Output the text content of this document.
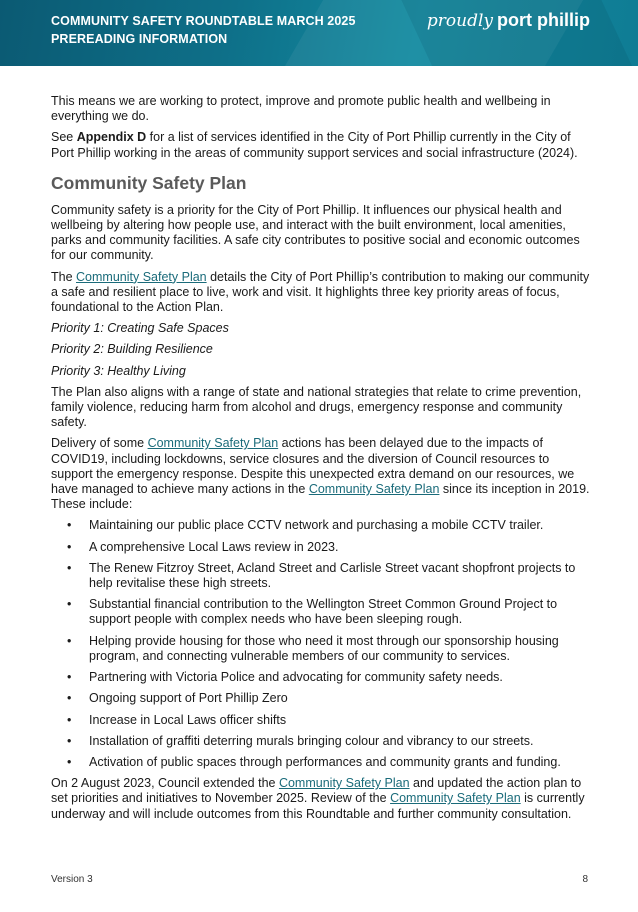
COMMUNITY SAFETY ROUNDTABLE MARCH 2025
PREREADING INFORMATION
proudly port phillip

This means we are working to protect, improve and promote public health and wellbeing in everything we do.

See Appendix D for a list of services identified in the City of Port Phillip currently in the City of Port Phillip working in the areas of community support services and social infrastructure (2024).

Community Safety Plan

Community safety is a priority for the City of Port Phillip. It influences our physical health and wellbeing by altering how people use, and interact with the built environment, local amenities, parks and community facilities. A safe city contributes to positive social and economic outcomes for our community.

The Community Safety Plan details the City of Port Phillip’s contribution to making our community a safe and resilient place to live, work and visit. It highlights three key priority areas of focus, foundational to the Action Plan.

Priority 1: Creating Safe Spaces

Priority 2: Building Resilience

Priority 3: Healthy Living

The Plan also aligns with a range of state and national strategies that relate to crime prevention, family violence, reducing harm from alcohol and drugs, emergency response and community safety.

Delivery of some Community Safety Plan actions has been delayed due to the impacts of COVID19, including lockdowns, service closures and the diversion of Council resources to support the emergency response. Despite this unexpected extra demand on our resources, we have managed to achieve many actions in the Community Safety Plan since its inception in 2019. These include:

• Maintaining our public place CCTV network and purchasing a mobile CCTV trailer.
• A comprehensive Local Laws review in 2023.
• The Renew Fitzroy Street, Acland Street and Carlisle Street vacant shopfront projects to help revitalise these high streets.
• Substantial financial contribution to the Wellington Street Common Ground Project to support people with complex needs who have been sleeping rough.
• Helping provide housing for those who need it most through our sponsorship housing program, and connecting vulnerable members of our community to services.
• Partnering with Victoria Police and advocating for community safety needs.
• Ongoing support of Port Phillip Zero
• Increase in Local Laws officer shifts
• Installation of graffiti deterring murals bringing colour and vibrancy to our streets.
• Activation of public spaces through performances and community grants and funding.

On 2 August 2023, Council extended the Community Safety Plan and updated the action plan to set priorities and initiatives to November 2025. Review of the Community Safety Plan is currently underway and will include outcomes from this Roundtable and further community consultation.

Version 3	8
